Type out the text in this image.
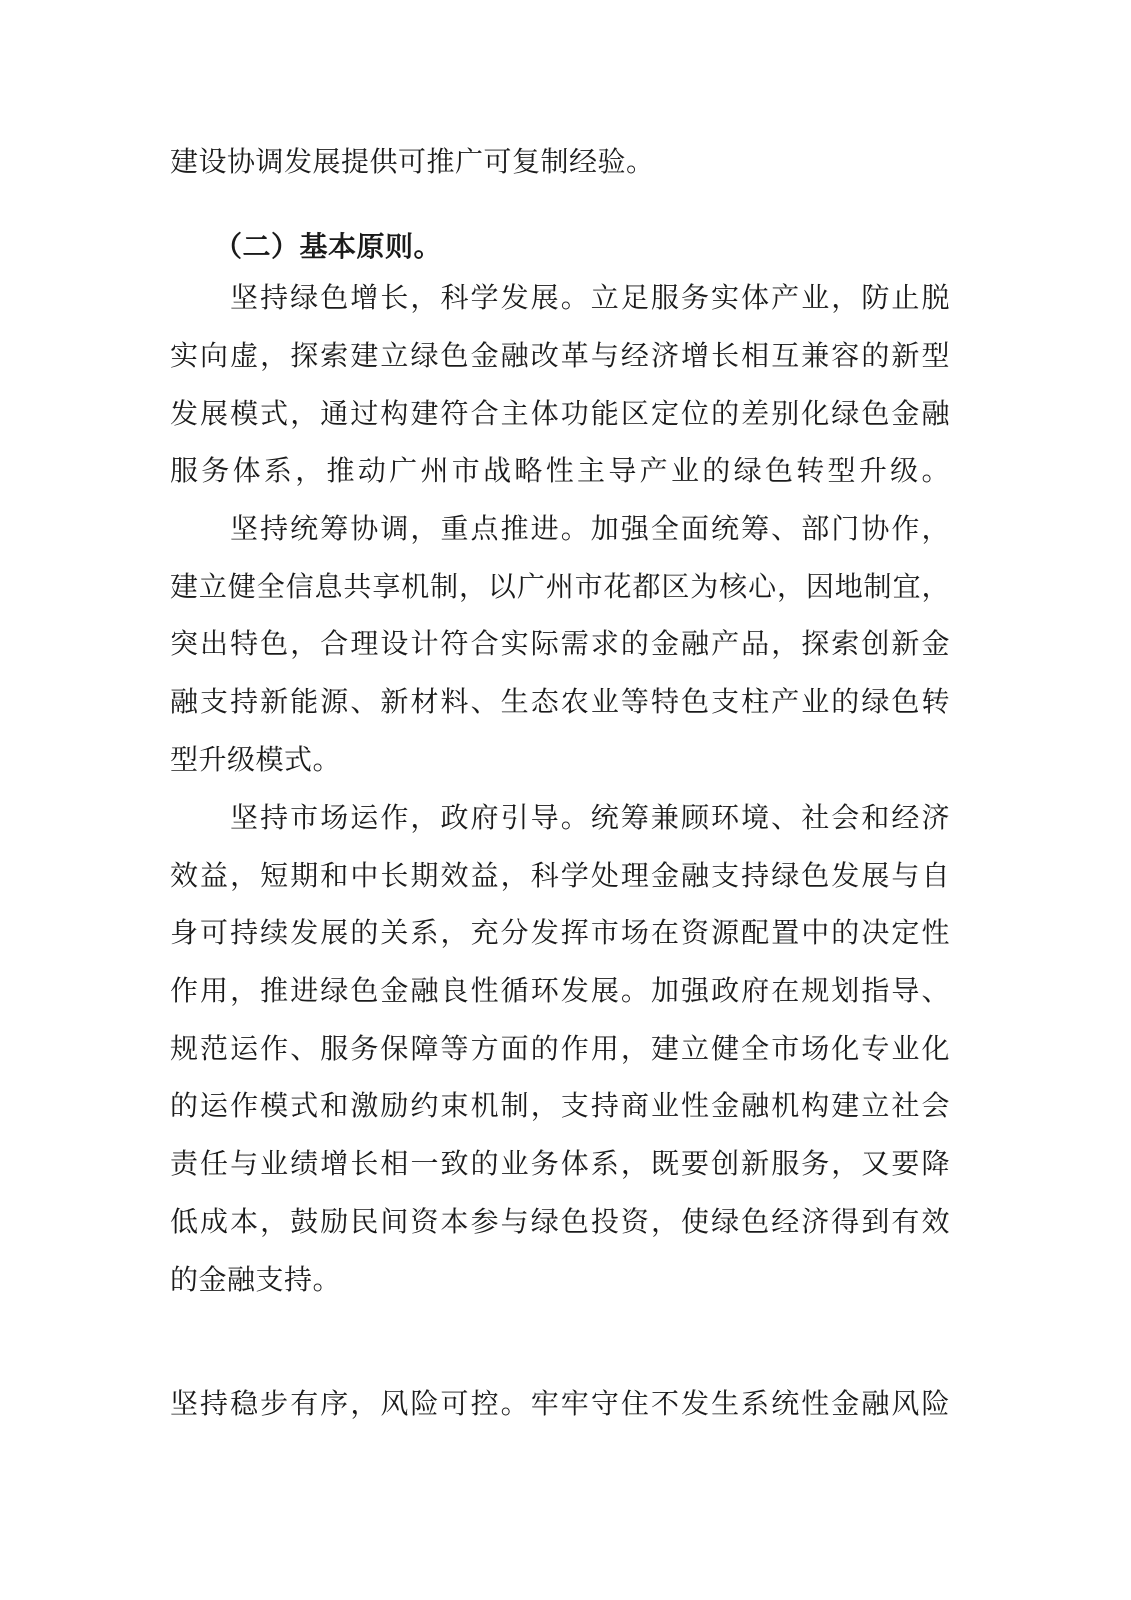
建设协调发展提供可推广可复制经验。
（二）基本原则。
坚持绿色增长，科学发展。立足服务实体产业，防止脱
实向虚，探索建立绿色金融改革与经济增长相互兼容的新型
发展模式，通过构建符合主体功能区定位的差别化绿色金融
服务体系，推动广州市战略性主导产业的绿色转型升级。
坚持统筹协调，重点推进。加强全面统筹、部门协作，
建立健全信息共享机制，以广州市花都区为核心，因地制宜，
突出特色，合理设计符合实际需求的金融产品，探索创新金
融支持新能源、新材料、生态农业等特色支柱产业的绿色转
型升级模式。
坚持市场运作，政府引导。统筹兼顾环境、社会和经济
效益，短期和中长期效益，科学处理金融支持绿色发展与自
身可持续发展的关系，充分发挥市场在资源配置中的决定性
作用，推进绿色金融良性循环发展。加强政府在规划指导、
规范运作、服务保障等方面的作用，建立健全市场化专业化
的运作模式和激励约束机制，支持商业性金融机构建立社会
责任与业绩增长相一致的业务体系，既要创新服务，又要降
低成本，鼓励民间资本参与绿色投资，使绿色经济得到有效
的金融支持。
坚持稳步有序，风险可控。牢牢守住不发生系统性金融风险
